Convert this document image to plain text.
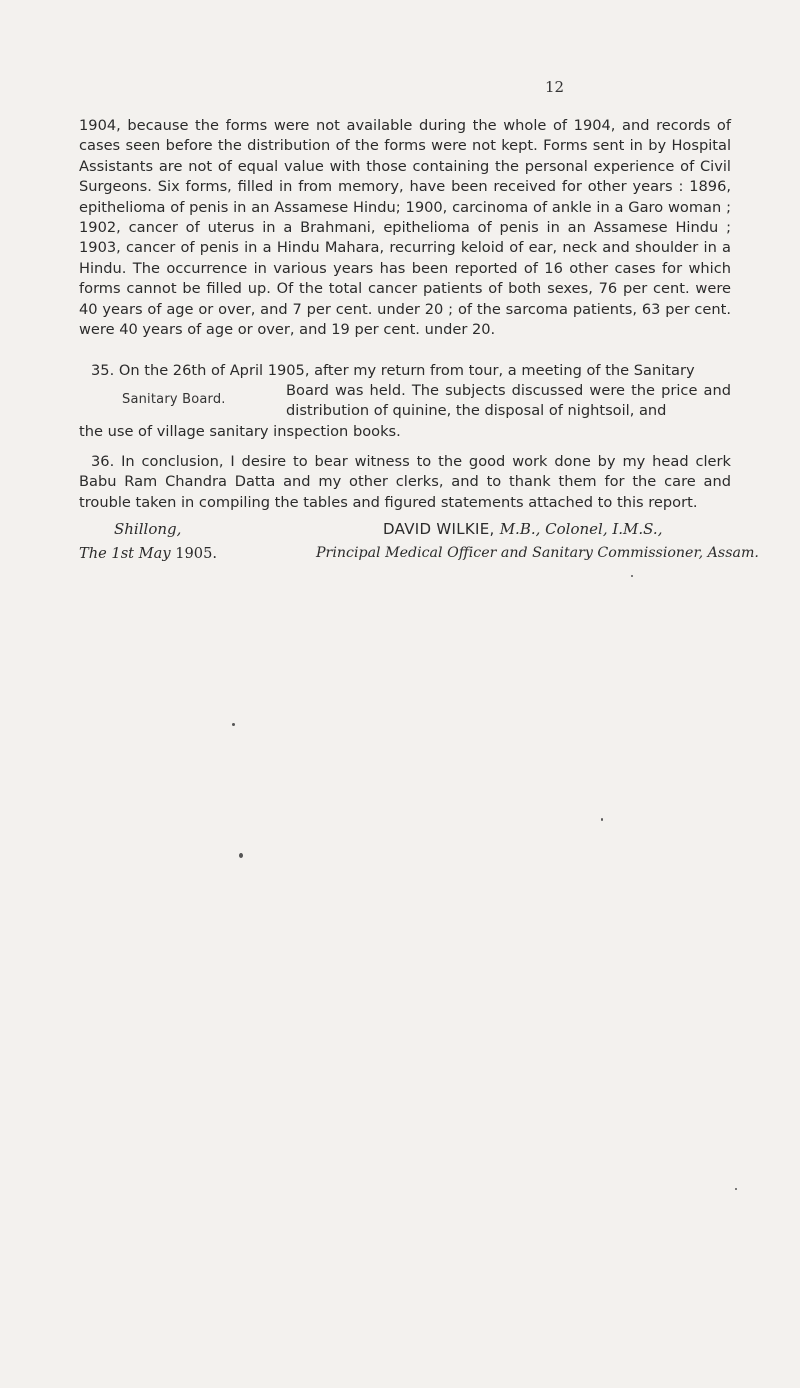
12

1904, because the forms were not available during the whole of 1904, and records of cases seen before the distribution of the forms were not kept. Forms sent in by Hospital Assistants are not of equal value with those containing the personal experience of Civil Surgeons. Six forms, filled in from memory, have been received for other years : 1896, epithelioma of penis in an Assamese Hindu; 1900, carcinoma of ankle in a Garo woman ; 1902, cancer of uterus in a Brahmani, epithelioma of penis in an Assamese Hindu ; 1903, cancer of penis in a Hindu Mahara, recurring keloid of ear, neck and shoulder in a Hindu. The occurrence in various years has been reported of 16 other cases for which forms cannot be filled up. Of the total cancer patients of both sexes, 76 per cent. were 40 years of age or over, and 7 per cent. under 20 ; of the sarcoma patients, 63 per cent. were 40 years of age or over, and 19 per cent. under 20.

35. On the 26th of April 1905, after my return from tour, a meeting of the Sanitary
Sanitary Board.
Board was held. The subjects discussed were the price and distribution of quinine, the disposal of nightsoil, and
the use of village sanitary inspection books.
36. In conclusion, I desire to bear witness to the good work done by my head clerk Babu Ram Chandra Datta and my other clerks, and to thank them for the care and trouble taken in compiling the tables and figured statements attached to this report.
Shillong,
The 1st May 1905.
DAVID WILKIE, M.B., Colonel, I.M.S.,
Principal Medical Officer and Sanitary Commissioner, Assam.
